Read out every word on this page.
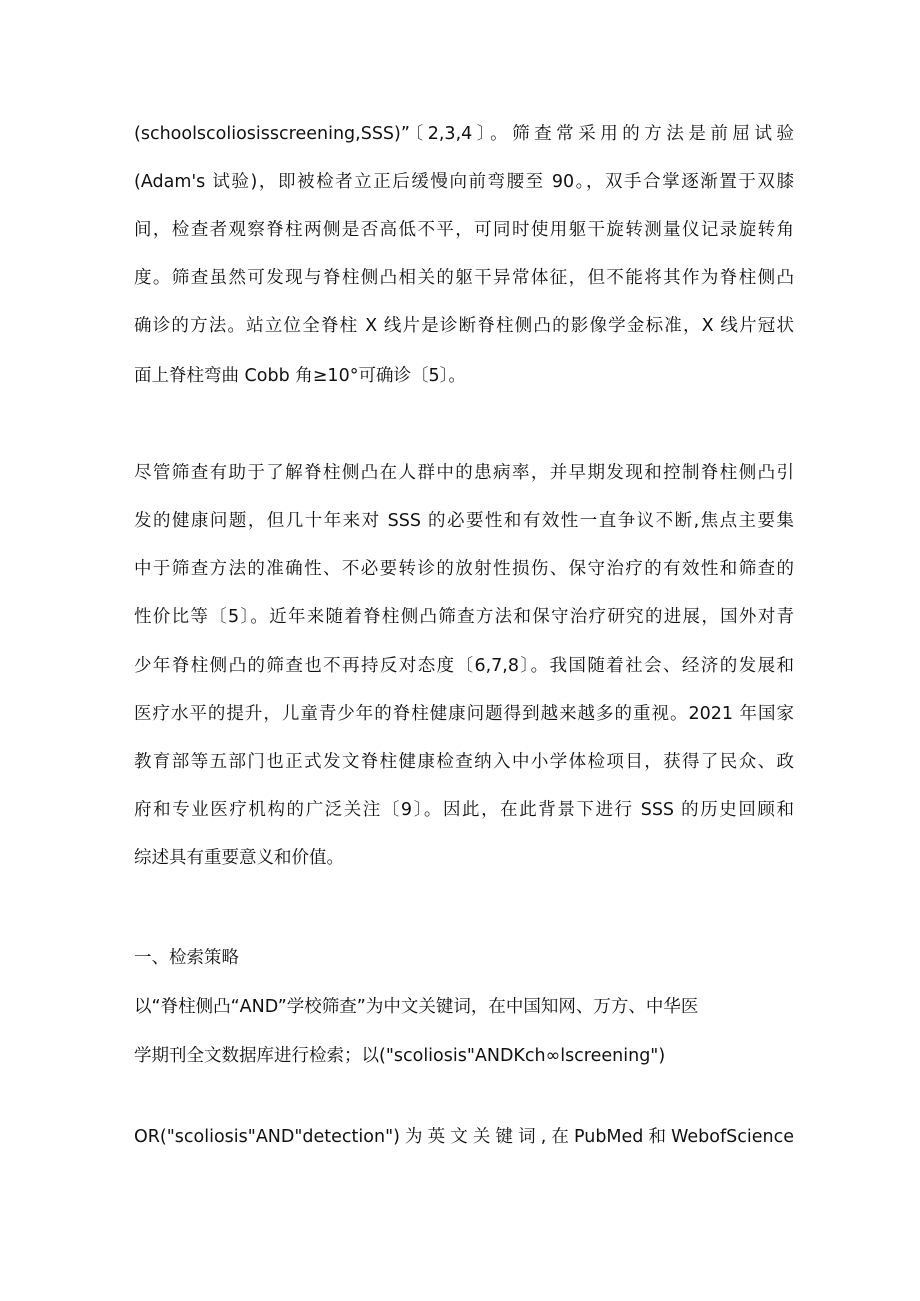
(schoolscoliosisscreening,SSS)”〔2,3,4〕。筛查常采用的方法是前屈试验
(Adam's 试验)，即被检者立正后缓慢向前弯腰至 90。，双手合掌逐渐置于双膝
间，检查者观察脊柱两侧是否高低不平，可同时使用躯干旋转测量仪记录旋转角
度。筛查虽然可发现与脊柱侧凸相关的躯干异常体征，但不能将其作为脊柱侧凸
确诊的方法。站立位全脊柱 X 线片是诊断脊柱侧凸的影像学金标准，X 线片冠状
面上脊柱弯曲 Cobb 角≥10°可确诊〔5〕。
尽管筛查有助于了解脊柱侧凸在人群中的患病率，并早期发现和控制脊柱侧凸引
发的健康问题，但几十年来对 SSS 的必要性和有效性一直争议不断,焦点主要集
中于筛查方法的准确性、不必要转诊的放射性损伤、保守治疗的有效性和筛查的
性价比等〔5〕。近年来随着脊柱侧凸筛查方法和保守治疗研究的进展，国外对青
少年脊柱侧凸的筛查也不再持反对态度〔6,7,8〕。我国随着社会、经济的发展和
医疗水平的提升，儿童青少年的脊柱健康问题得到越来越多的重视。2021 年国家
教育部等五部门也正式发文脊柱健康检查纳入中小学体检项目，获得了民众、政
府和专业医疗机构的广泛关注〔9〕。因此，在此背景下进行 SSS 的历史回顾和
综述具有重要意义和价值。
一、检索策略
以“脊柱侧凸“AND”学校筛查”为中文关键词，在中国知网、万方、中华医
学期刊全文数据库进行检索；以("scoliosis"ANDKch∞lscreening")
OR("scoliosis"AND"detection")为英文关键词,在PubMed和WebofScience
